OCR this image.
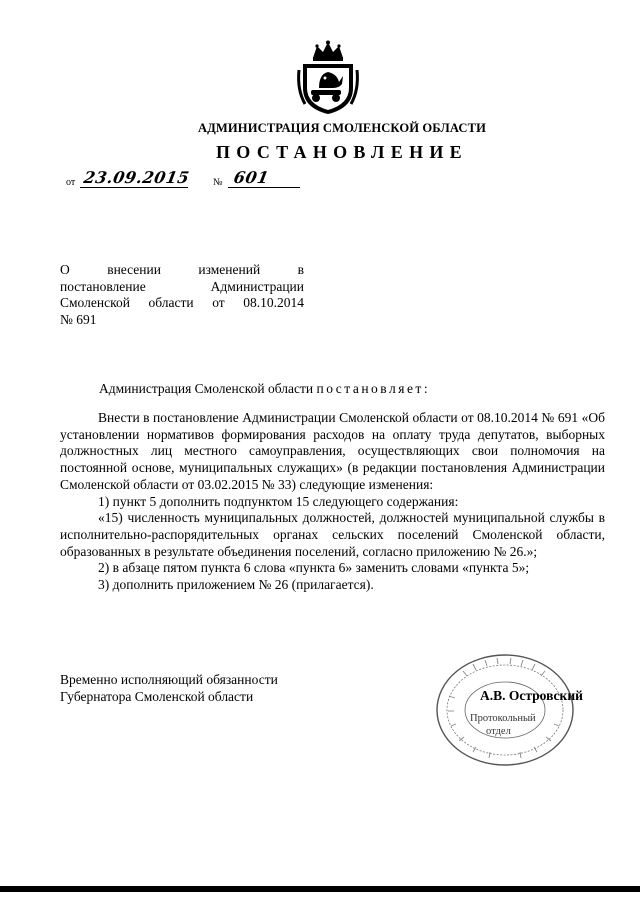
АДМИНИСТРАЦИЯ СМОЛЕНСКОЙ ОБЛАСТИ
ПОСТАНОВЛЕНИЕ
от 23.09.2015 № 601
О внесении изменений в
постановление Администрации
Смоленской области от 08.10.2014
№ 691
Администрация Смоленской области постановляет:

Внести в постановление Администрации Смоленской области от 08.10.2014 № 691 «Об установлении нормативов формирования расходов на оплату труда депутатов, выборных должностных лиц местного самоуправления, осуществляющих свои полномочия на постоянной основе, муниципальных служащих» (в редакции постановления Администрации Смоленской области от 03.02.2015 № 33) следующие изменения:

1) пункт 5 дополнить подпунктом 15 следующего содержания:

«15) численность муниципальных должностей, должностей муниципальной службы в исполнительно-распорядительных органах сельских поселений Смоленской области, образованных в результате объединения поселений, согласно приложению № 26.»;

2) в абзаце пятом пункта 6 слова «пункта 6» заменить словами «пункта 5»;

3) дополнить приложением № 26 (прилагается).

Временно исполняющий обязанности
Губернатора Смоленской области
Протокольный
отдел
А.В. Островский
